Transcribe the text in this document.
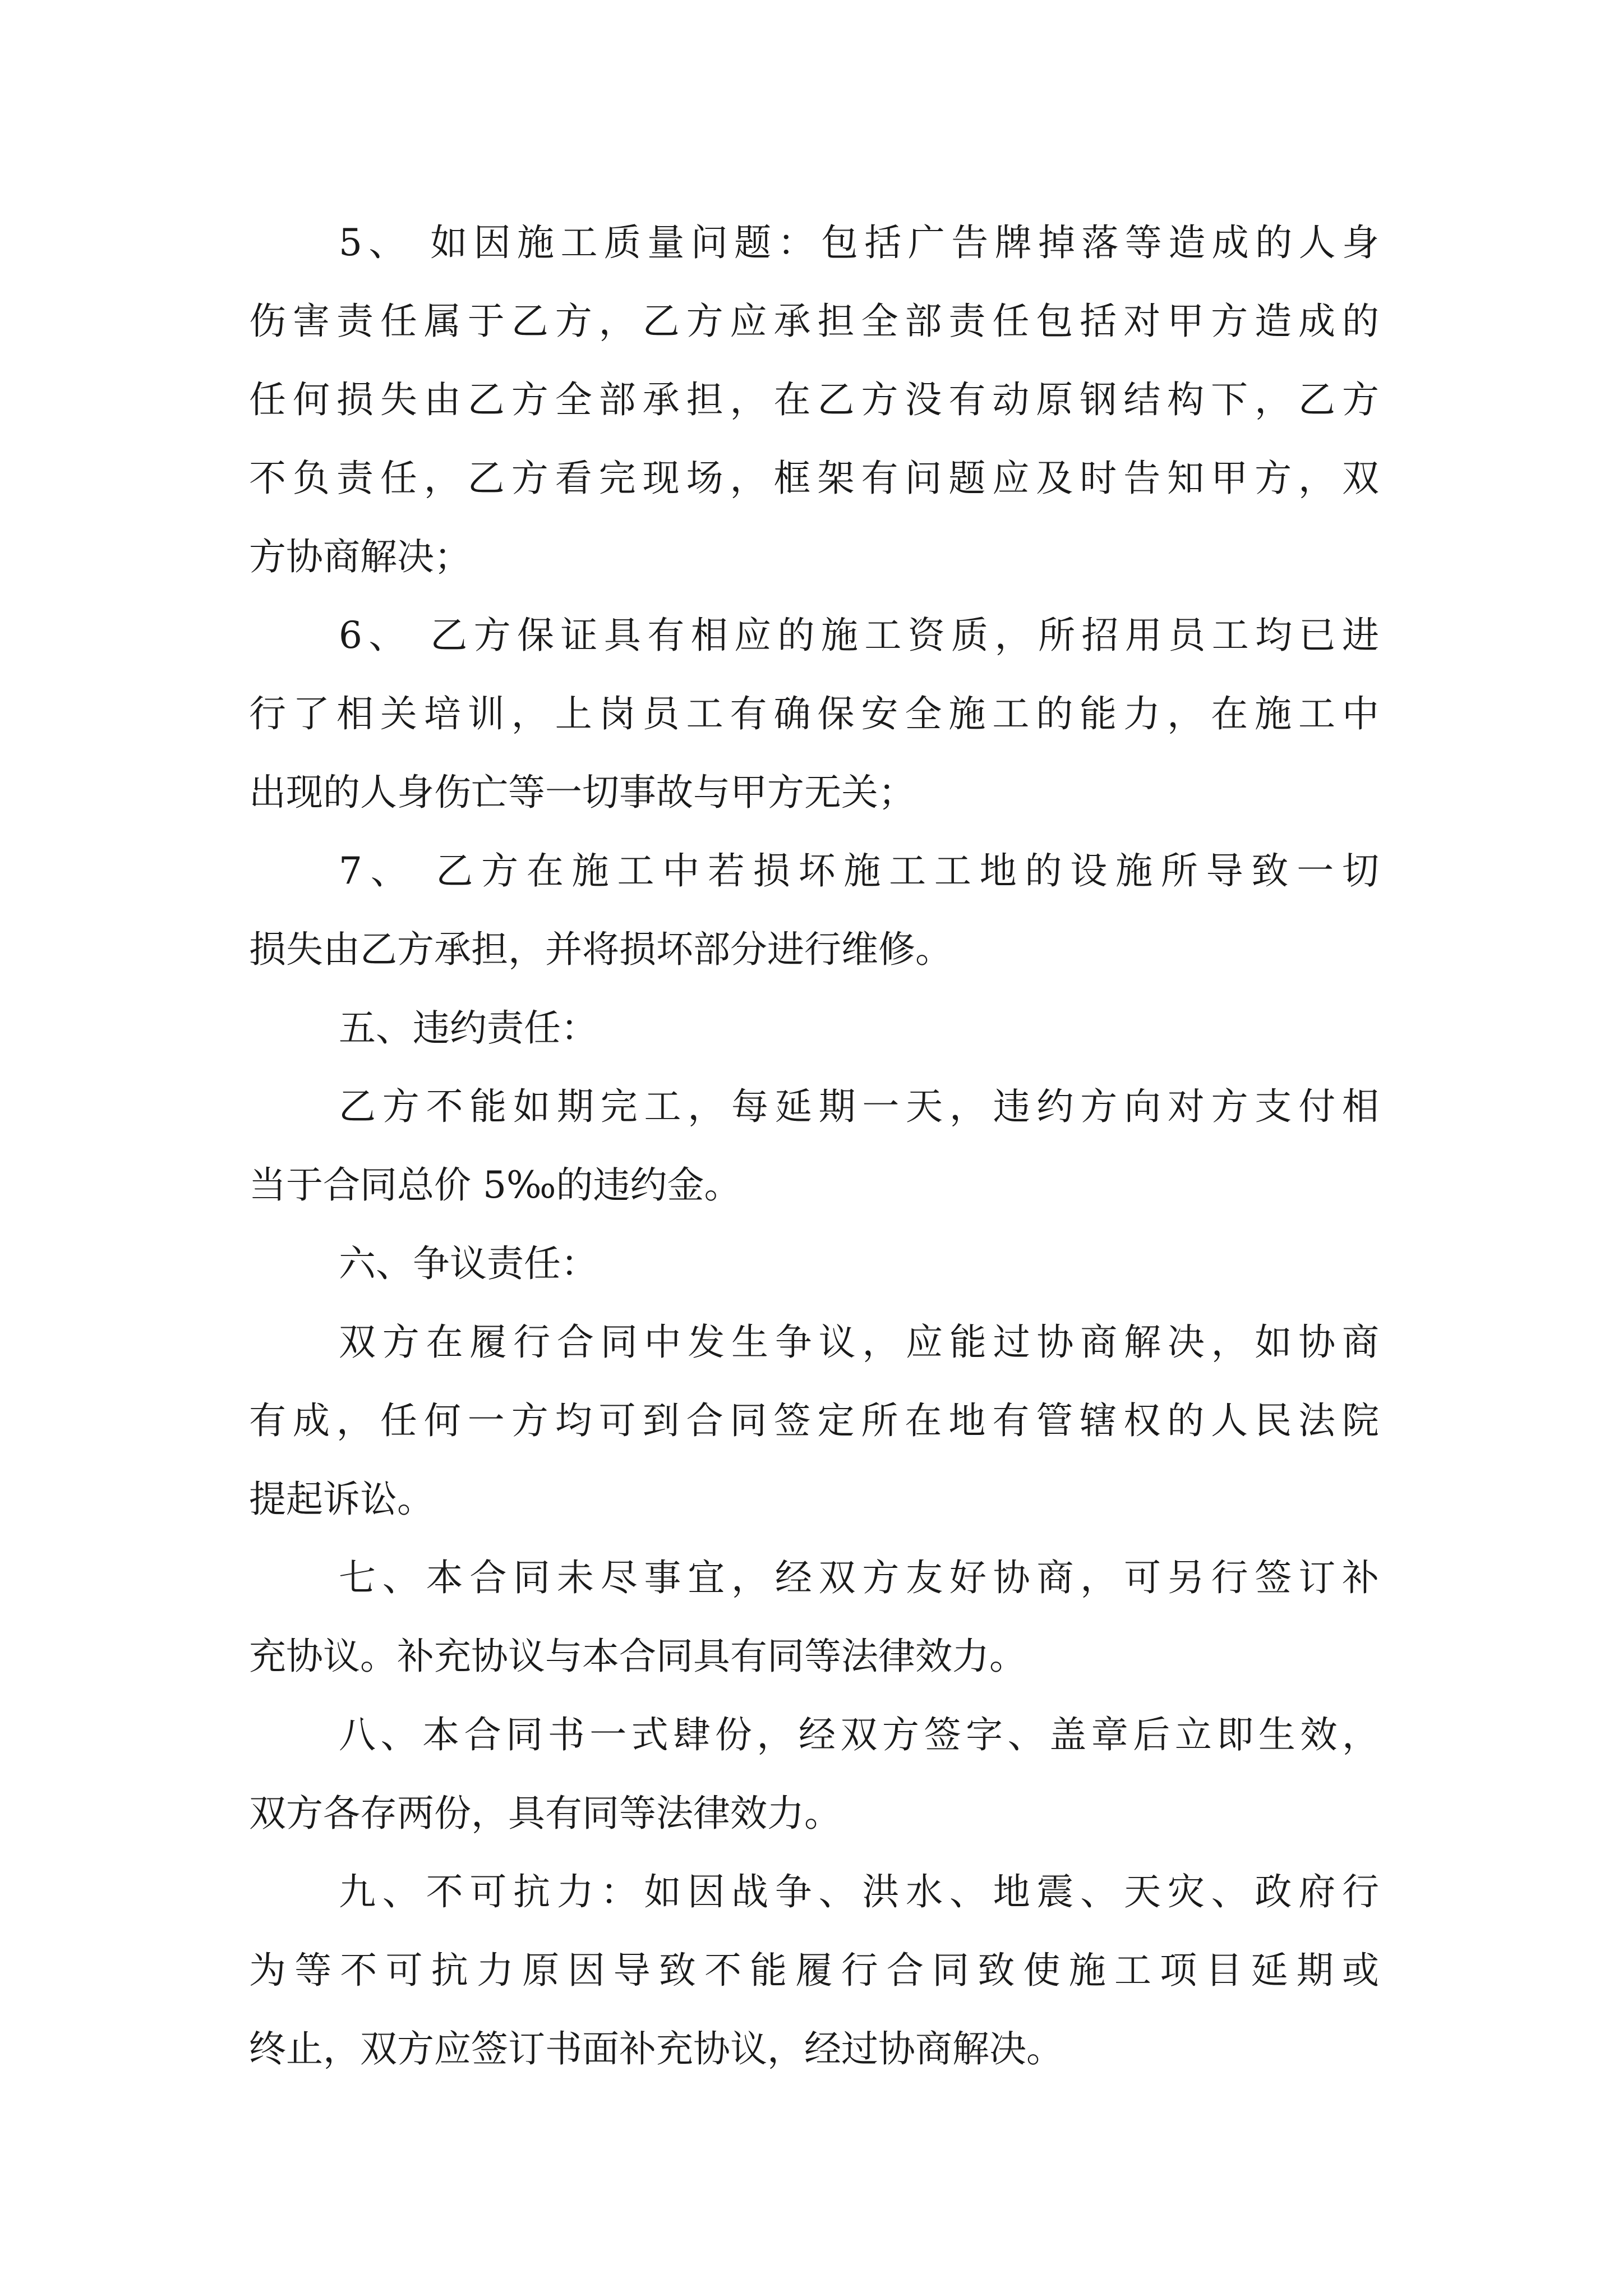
5、 如因施工质量问题：包括广告牌掉落等造成的人身
伤害责任属于乙方，乙方应承担全部责任包括对甲方造成的
任何损失由乙方全部承担，在乙方没有动原钢结构下，乙方
不负责任，乙方看完现场，框架有问题应及时告知甲方，双
方协商解决；
6、 乙方保证具有相应的施工资质，所招用员工均已进
行了相关培训，上岗员工有确保安全施工的能力，在施工中
出现的人身伤亡等一切事故与甲方无关；
7、 乙方在施工中若损坏施工工地的设施所导致一切
损失由乙方承担，并将损坏部分进行维修。
五、违约责任：
乙方不能如期完工，每延期一天，违约方向对方支付相
当于合同总价 5‰的违约金。
六、争议责任：
双方在履行合同中发生争议，应能过协商解决，如协商
有成，任何一方均可到合同签定所在地有管辖权的人民法院
提起诉讼。
七、本合同未尽事宜，经双方友好协商，可另行签订补
充协议。补充协议与本合同具有同等法律效力。
八、本合同书一式肆份，经双方签字、盖章后立即生效，
双方各存两份，具有同等法律效力。
九、不可抗力：如因战争、洪水、地震、天灾、政府行
为等不可抗力原因导致不能履行合同致使施工项目延期或
终止，双方应签订书面补充协议，经过协商解决。
